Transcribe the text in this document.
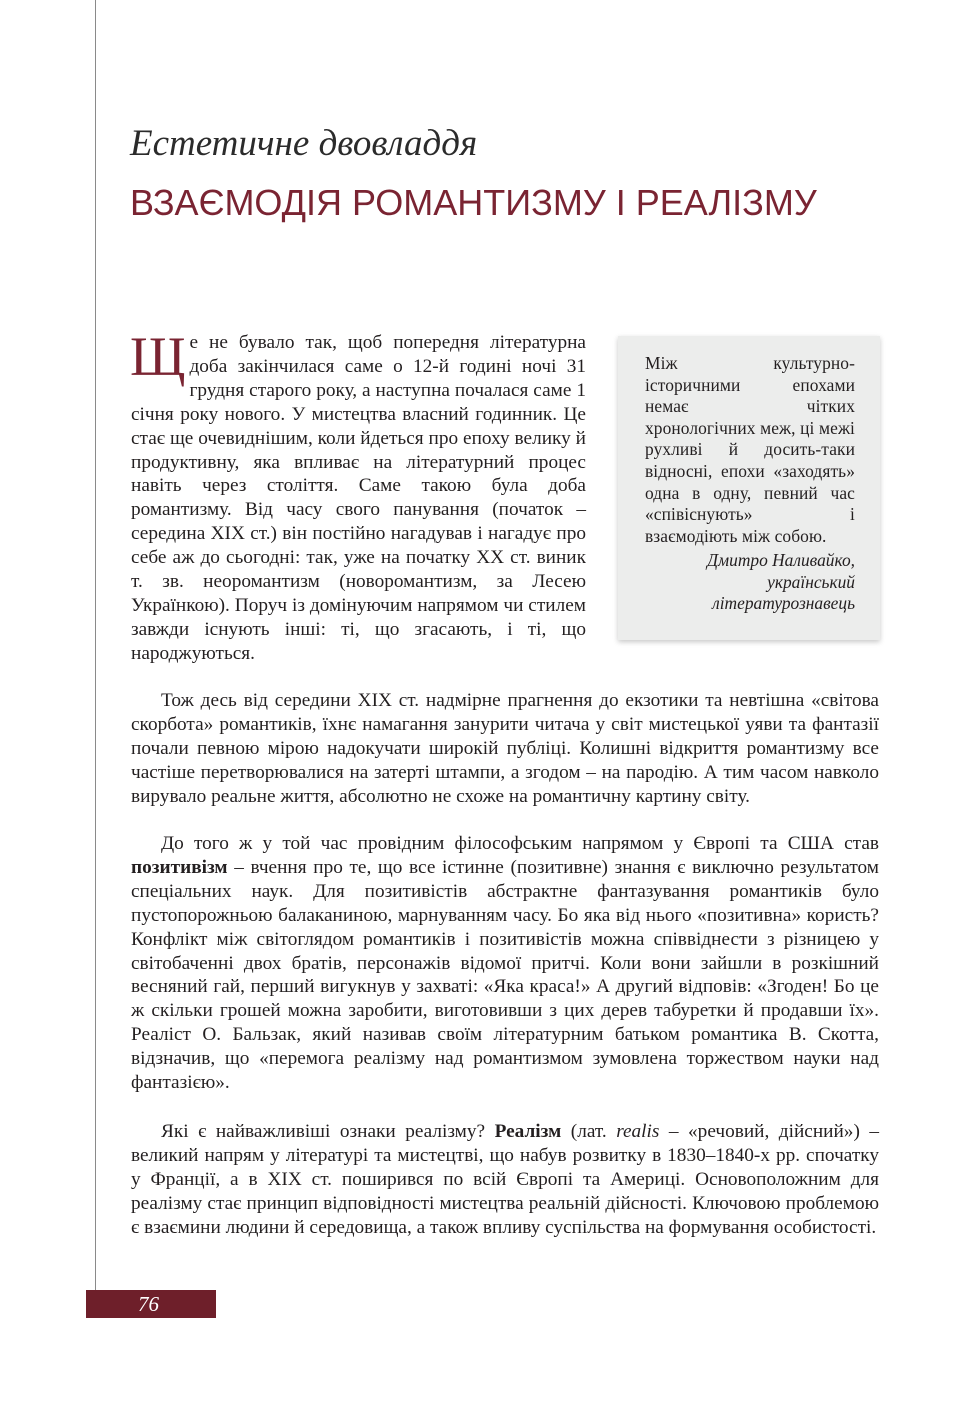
Естетичне двовладдя
ВЗАЄМОДІЯ РОМАНТИЗМУ І РЕАЛІЗМУ

Між культурно-історичними епохами немає чітких хронологічних меж, ці межі рухливі й досить-таки відносні, епохи «заходять» одна в одну, певний час «співіснують» і взаємодіють між собою.

Дмитро Наливайко,
український
літературознавець

Ще не бувало так, щоб попередня літературна доба закінчилася саме о 12-й годині ночі 31 грудня старого року, а наступна почалася саме 1 січня року нового. У мистецтва власний годинник. Це стає ще очевиднішим, коли йдеться про епоху велику й продуктивну, яка впливає на літературний процес навіть через століття. Саме такою була доба романтизму. Від часу свого панування (початок – середина XIX ст.) він постійно нагадував і нагадує про себе аж до сьогодні: так, уже на початку XX ст. виник т. зв. неоромантизм (новоромантизм, за Лесею Українкою). Поруч із домінуючим напрямом чи стилем завжди існують інші: ті, що згасають, і ті, що народжуються.

Тож десь від середини XIX ст. надмірне прагнення до екзотики та невтішна «світова скорбота» романтиків, їхнє намагання занурити читача у світ мистецької уяви та фантазії почали певною мірою надокучати широкій публіці. Колишні відкриття романтизму все частіше перетворювалися на затерті штампи, а згодом – на пародію. А тим часом навколо вирувало реальне життя, абсолютно не схоже на романтичну картину світу.

До того ж у той час провідним філософським напрямом у Європі та США став позитивізм – вчення про те, що все істинне (позитивне) знання є виключно результатом спеціальних наук. Для позитивістів абстрактне фантазування романтиків було пустопорожньою балаканиною, марнуванням часу. Бо яка від нього «позитивна» користь? Конфлікт між світоглядом романтиків і позитивістів можна співвіднести з різницею у світобаченні двох братів, персонажів відомої притчі. Коли вони зайшли в розкішний весняний гай, перший вигукнув у захваті: «Яка краса!» А другий відповів: «Згоден! Бо це ж скільки грошей можна заробити, виготовивши з цих дерев табуретки й продавши їх». Реаліст О. Бальзак, який називав своїм літературним батьком романтика В. Скотта, відзначив, що «перемога реалізму над романтизмом зумовлена торжеством науки над фантазією».

Які є найважливіші ознаки реалізму? Реалізм (лат. realis – «речовий, дійсний») – великий напрям у літературі та мистецтві, що набув розвитку в 1830–1840-х рр. спочатку у Франції, а в XIX ст. поширився по всій Європі та Америці. Основоположним для реалізму стає принцип відповідності мистецтва реальній дійсності. Ключовою проблемою є взаємини людини й середовища, а також впливу суспільства на формування особистості.

76
